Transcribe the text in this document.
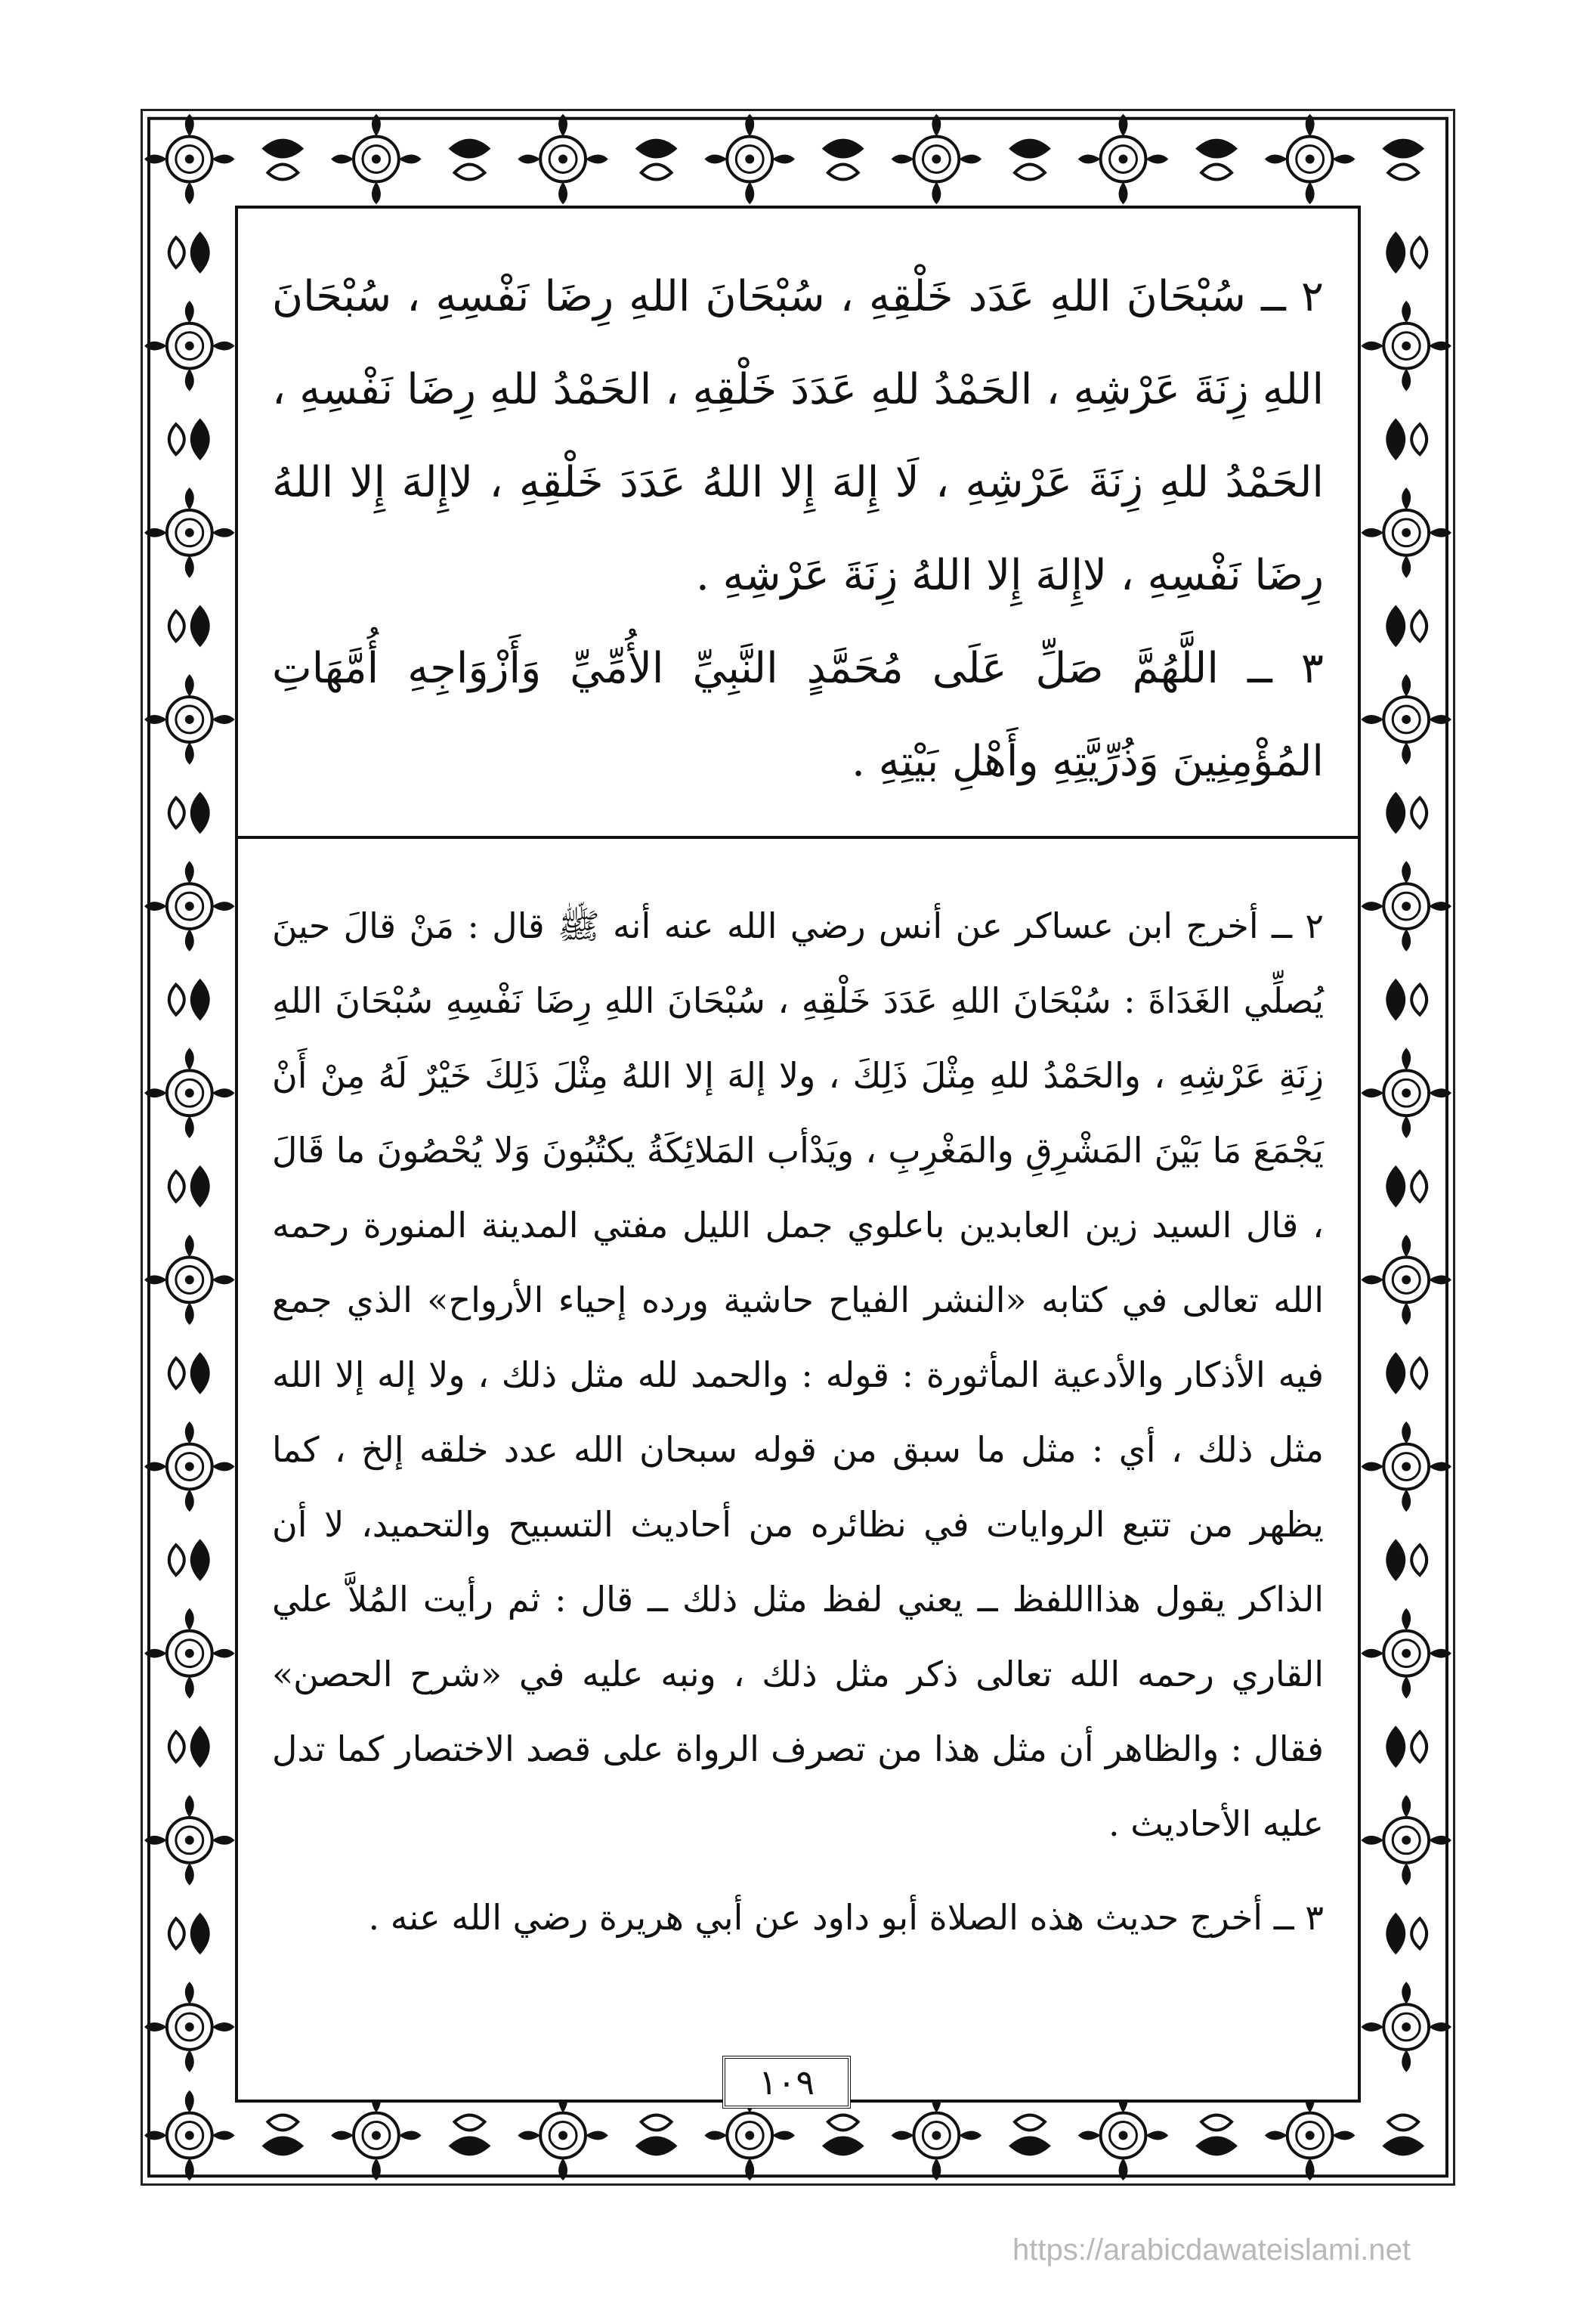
٢ ــ سُبْحَانَ اللهِ عَدَد خَلْقِهِ ، سُبْحَانَ اللهِ رِضَا نَفْسِهِ ، سُبْحَانَ اللهِ زِنَةَ عَرْشِهِ ، الحَمْدُ للهِ عَدَدَ خَلْقِهِ ، الحَمْدُ للهِ رِضَا نَفْسِهِ ، الحَمْدُ للهِ زِنَةَ عَرْشِهِ ، لَا إِلهَ إِلا اللهُ عَدَدَ خَلْقِهِ ، لاإِلهَ إِلا اللهُ رِضَا نَفْسِهِ ، لاإِلهَ إِلا اللهُ زِنَةَ عَرْشِهِ .

٣ ــ اللَّهُمَّ صَلِّ عَلَى مُحَمَّدٍ النَّبِيِّ الأُمِّيِّ وَأَزْوَاجِهِ أُمَّهَاتِ المُؤْمِنِينَ وَذُرِّيَّتِهِ وأَهْلِ بَيْتِهِ .

٢ ــ أخرج ابن عساكر عن أنس رضي الله عنه أنه ﷺ قال : مَنْ قالَ حينَ يُصلِّي الغَدَاةَ : سُبْحَانَ اللهِ عَدَدَ خَلْقِهِ ، سُبْحَانَ اللهِ رِضَا نَفْسِهِ سُبْحَانَ اللهِ زِنَةِ عَرْشِهِ ، والحَمْدُ للهِ مِثْلَ ذَلِكَ ، ولا إلهَ إلا اللهُ مِثْلَ ذَلِكَ خَيْرٌ لَهُ مِنْ أَنْ يَجْمَعَ مَا بَيْنَ المَشْرِقِ والمَغْرِبِ ، ويَدْأب المَلائِكَةُ يكتُبُونَ وَلا يُحْصُونَ ما قَالَ ، قال السيد زين العابدين باعلوي جمل الليل مفتي المدينة المنورة رحمه الله تعالى في كتابه «النشر الفياح حاشية ورده إحياء الأرواح» الذي جمع فيه الأذكار والأدعية المأثورة : قوله : والحمد لله مثل ذلك ، ولا إله إلا الله مثل ذلك ، أي : مثل ما سبق من قوله سبحان الله عدد خلقه إلخ ، كما يظهر من تتبع الروايات في نظائره من أحاديث التسبيح والتحميد، لا أن الذاكر يقول هذااللفظ ــ يعني لفظ مثل ذلك ــ قال : ثم رأيت المُلاَّ علي القاري رحمه الله تعالى ذكر مثل ذلك ، ونبه عليه في «شرح الحصن» فقال : والظاهر أن مثل هذا من تصرف الرواة على قصد الاختصار كما تدل عليه الأحاديث .

٣ ــ أخرج حديث هذه الصلاة أبو داود عن أبي هريرة رضي الله عنه .

١٠٩
https://arabicdawateislami.net
